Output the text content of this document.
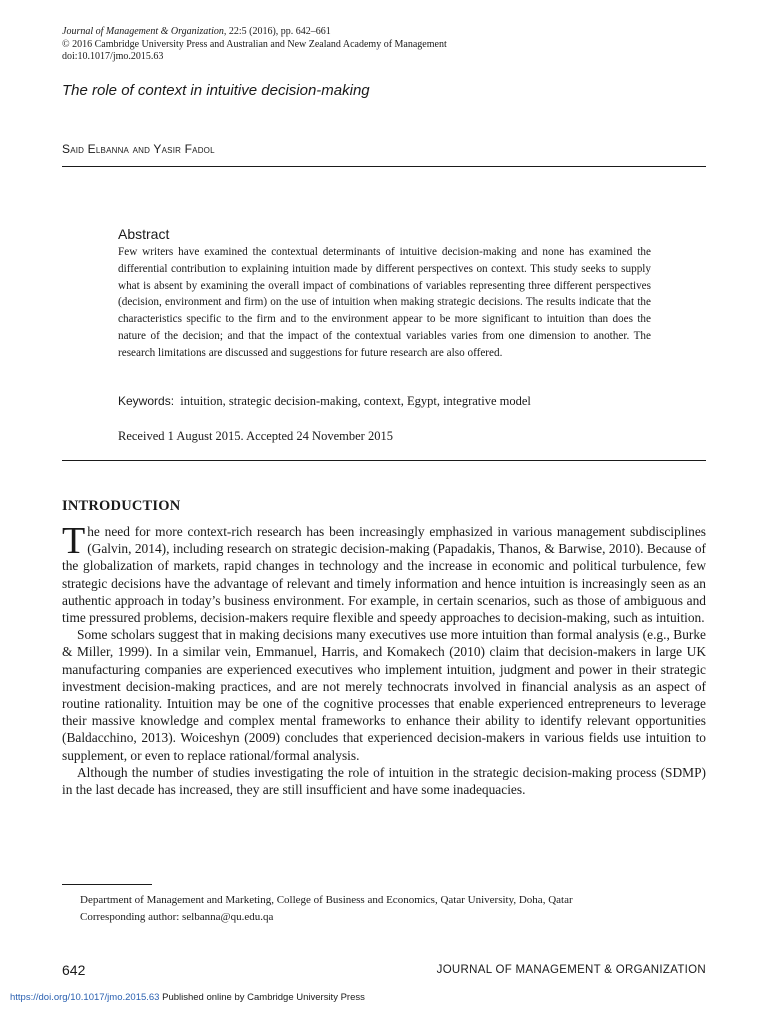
Journal of Management & Organization, 22:5 (2016), pp. 642–661
© 2016 Cambridge University Press and Australian and New Zealand Academy of Management
doi:10.1017/jmo.2015.63
The role of context in intuitive decision-making
Said Elbanna and Yasir Fadol
Abstract

Few writers have examined the contextual determinants of intuitive decision-making and none has examined the differential contribution to explaining intuition made by different perspectives on context. This study seeks to supply what is absent by examining the overall impact of combinations of variables representing three different perspectives (decision, environment and firm) on the use of intuition when making strategic decisions. The results indicate that the characteristics specific to the firm and to the environment appear to be more significant to intuition than does the nature of the decision; and that the impact of the contextual variables varies from one dimension to another. The research limitations are discussed and suggestions for future research are also offered.

Keywords: intuition, strategic decision-making, context, Egypt, integrative model
Received 1 August 2015. Accepted 24 November 2015
INTRODUCTION

The need for more context-rich research has been increasingly emphasized in various management subdisciplines (Galvin, 2014), including research on strategic decision-making (Papadakis, Thanos, & Barwise, 2010). Because of the globalization of markets, rapid changes in technology and the increase in economic and political turbulence, few strategic decisions have the advantage of relevant and timely information and hence intuition is increasingly seen as an authentic approach in today’s business environment. For example, in certain scenarios, such as those of ambiguous and time pressured problems, decision-makers require flexible and speedy approaches to decision-making, such as intuition.

Some scholars suggest that in making decisions many executives use more intuition than formal analysis (e.g., Burke & Miller, 1999). In a similar vein, Emmanuel, Harris, and Komakech (2010) claim that decision-makers in large UK manufacturing companies are experienced executives who implement intuition, judgment and power in their strategic investment decision-making practices, and are not merely technocrats involved in financial analysis as an aspect of routine rationality. Intuition may be one of the cognitive processes that enable experienced entrepreneurs to leverage their massive knowledge and complex mental frameworks to enhance their ability to identify relevant opportunities (Baldacchino, 2013). Woiceshyn (2009) concludes that experienced decision-makers in various fields use intuition to supplement, or even to replace rational/formal analysis.

Although the number of studies investigating the role of intuition in the strategic decision-making process (SDMP) in the last decade has increased, they are still insufficient and have some inadequacies.

Department of Management and Marketing, College of Business and Economics, Qatar University, Doha, Qatar
Corresponding author: selbanna@qu.edu.qa
642	JOURNAL OF MANAGEMENT & ORGANIZATION
https://doi.org/10.1017/jmo.2015.63 Published online by Cambridge University Press
